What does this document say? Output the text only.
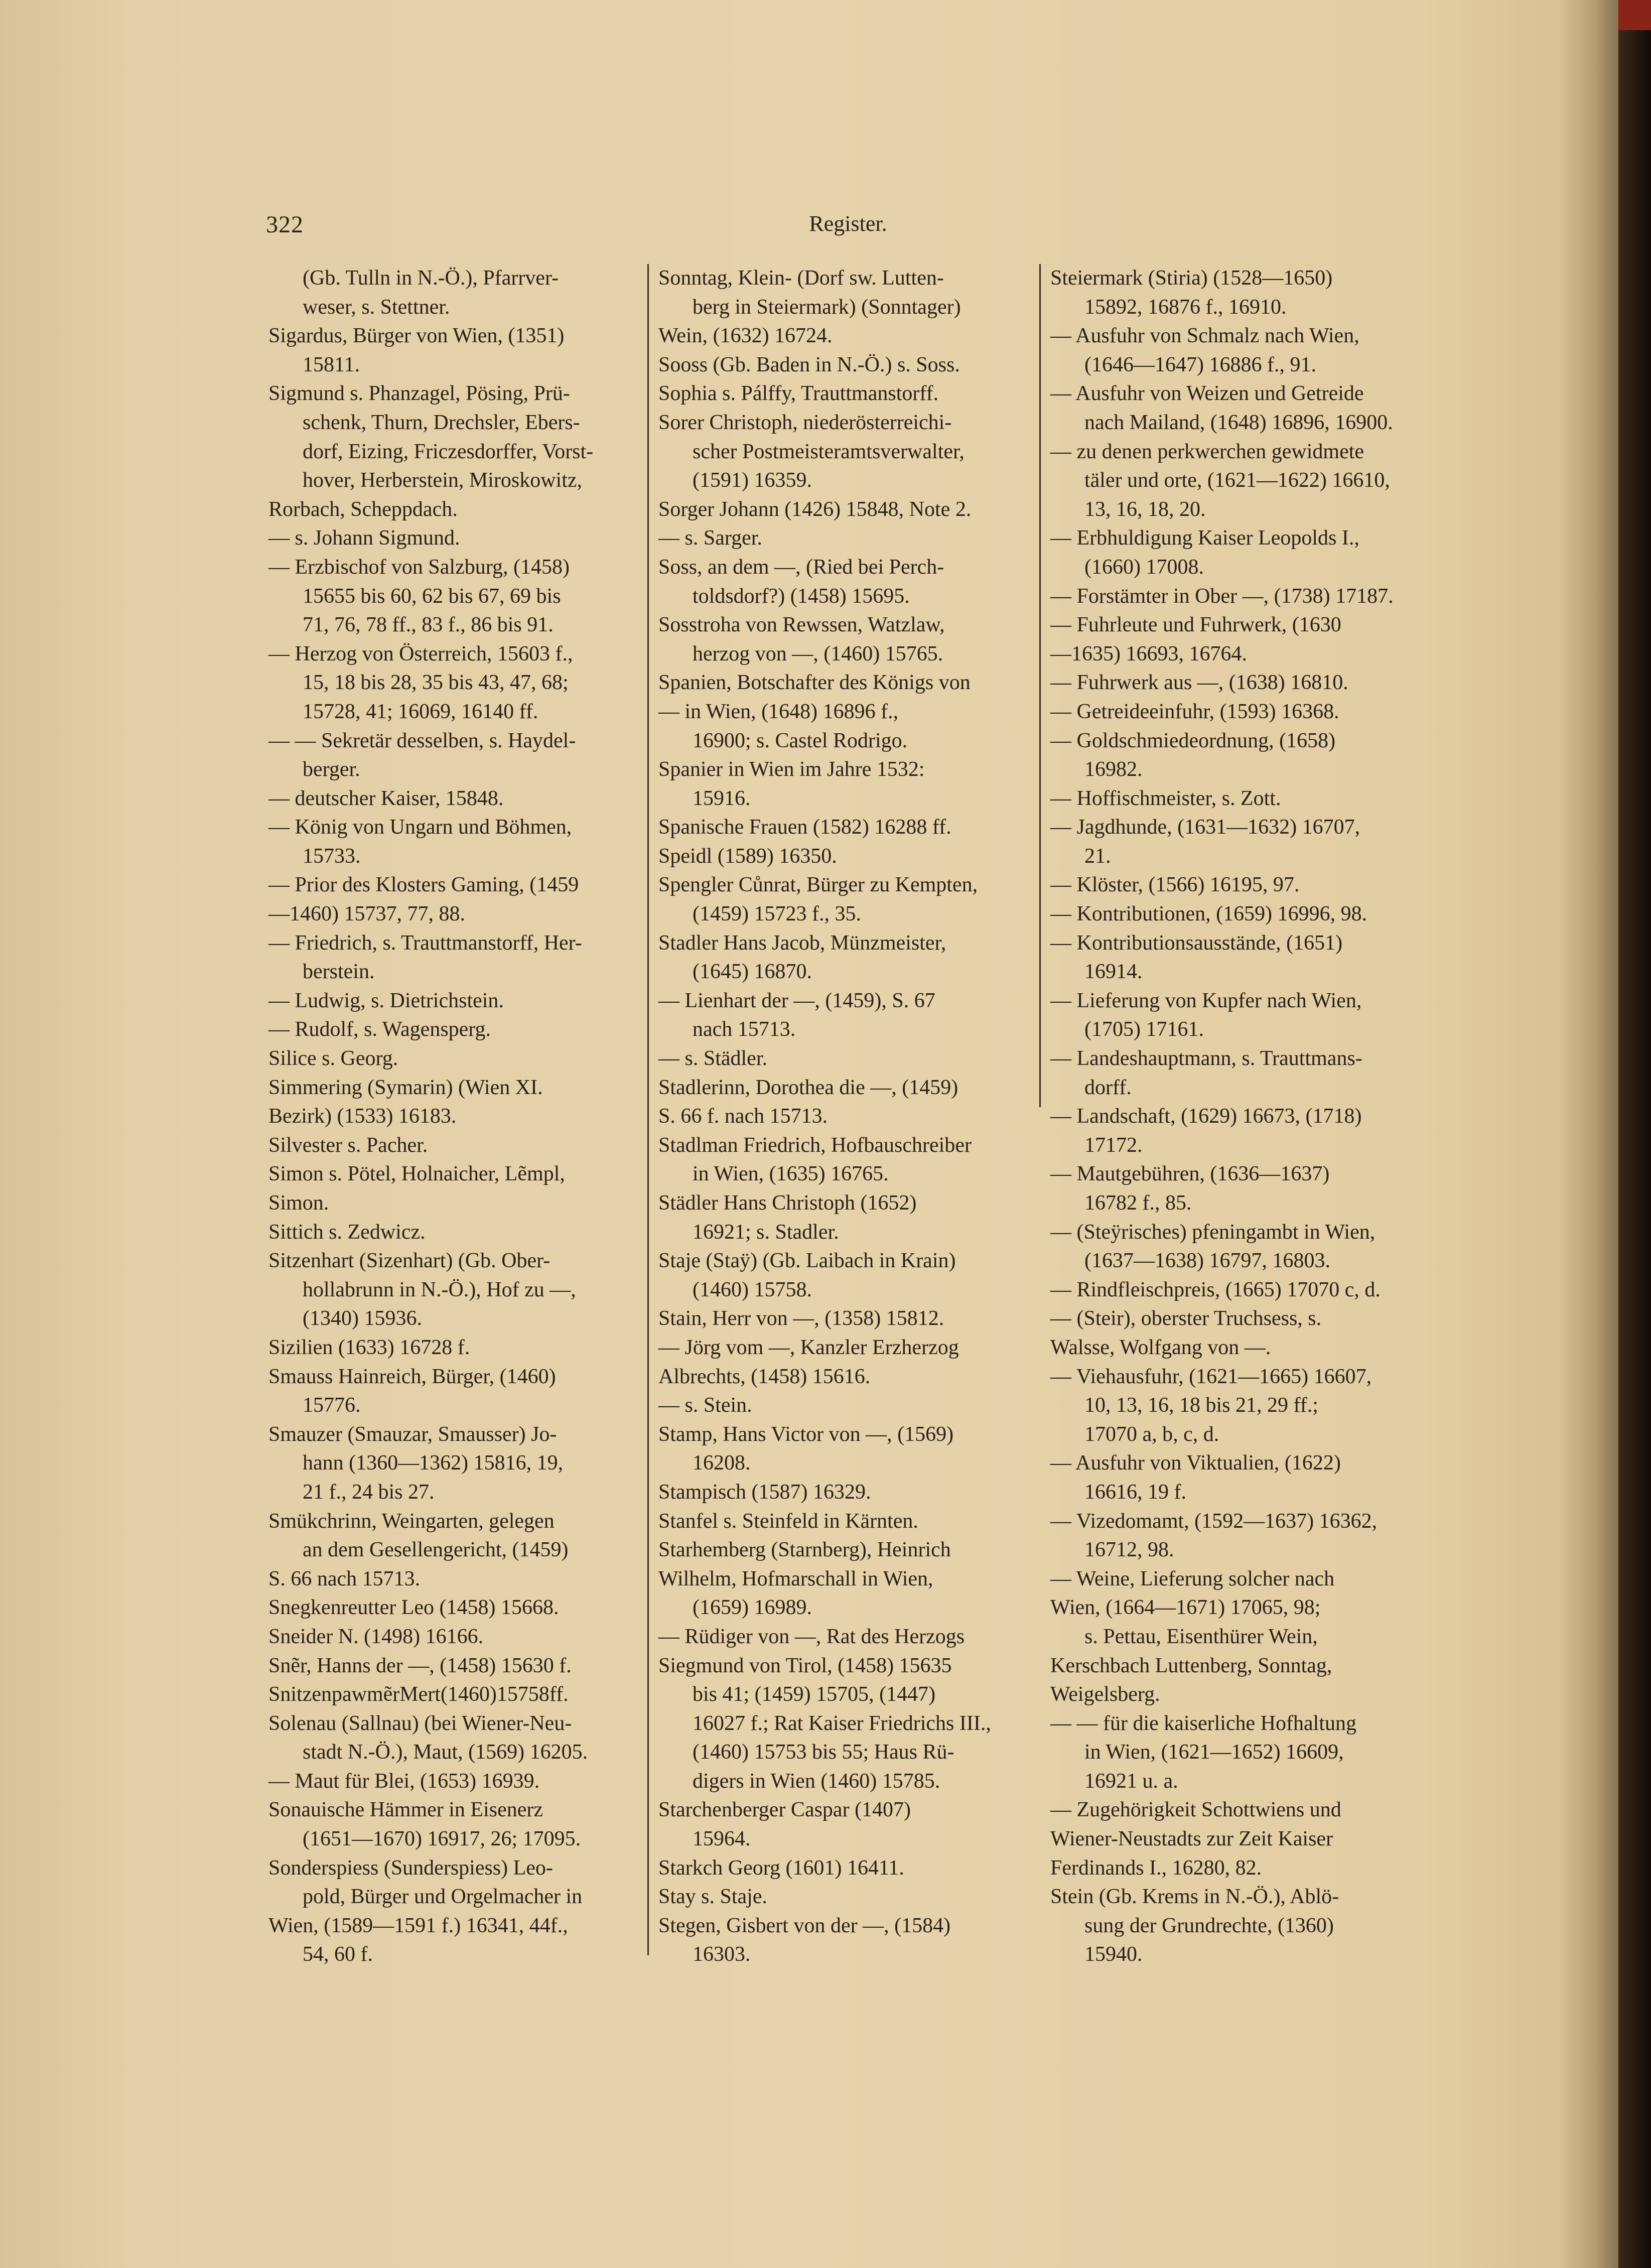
322	Register.
(Gb. Tulln in N.-Ö.), Pfarrver-
weser, s. Stettner.
Sigardus, Bürger von Wien, (1351)
15811.
Sigmund s. Phanzagel, Pösing, Prü-
schenk, Thurn, Drechsler, Ebers-
dorf, Eizing, Friczesdorffer, Vorst-
hover, Herberstein, Miroskowitz,
Rorbach, Scheppdach.
— s. Johann Sigmund.
— Erzbischof von Salzburg, (1458)
15655 bis 60, 62 bis 67, 69 bis
71, 76, 78 ff., 83 f., 86 bis 91.
— Herzog von Österreich, 15603 f.,
15, 18 bis 28, 35 bis 43, 47, 68;
15728, 41; 16069, 16140 ff.
— — Sekretär desselben, s. Haydel-
berger.
— deutscher Kaiser, 15848.
— König von Ungarn und Böhmen,
15733.
— Prior des Klosters Gaming, (1459
—1460) 15737, 77, 88.
— Friedrich, s. Trauttmanstorff, Her-
berstein.
— Ludwig, s. Dietrichstein.
— Rudolf, s. Wagensperg.
Silice s. Georg.
Simmering (Symarin) (Wien XI.
Bezirk) (1533) 16183.
Silvester s. Pacher.
Simon s. Pötel, Holnaicher, Lẽmpl,
Simon.
Sittich s. Zedwicz.
Sitzenhart (Sizenhart) (Gb. Ober-
hollabrunn in N.-Ö.), Hof zu —,
(1340) 15936.
Sizilien (1633) 16728 f.
Smauss Hainreich, Bürger, (1460)
15776.
Smauzer (Smauzar, Smausser) Jo-
hann (1360—1362) 15816, 19,
21 f., 24 bis 27.
Smükchrinn, Weingarten, gelegen
an dem Gesellengericht, (1459)
S. 66 nach 15713.
Snegkenreutter Leo (1458) 15668.
Sneider N. (1498) 16166.
Snẽr, Hanns der —, (1458) 15630 f.
SnitzenpawmẽrMert(1460)15758ff.
Solenau (Sallnau) (bei Wiener-Neu-
stadt N.-Ö.), Maut, (1569) 16205.
— Maut für Blei, (1653) 16939.
Sonauische Hämmer in Eisenerz
(1651—1670) 16917, 26; 17095.
Sonderspiess (Sunderspiess) Leo-
pold, Bürger und Orgelmacher in
Wien, (1589—1591 f.) 16341, 44f.,
54, 60 f.
Sonntag, Klein- (Dorf sw. Lutten-
berg in Steiermark) (Sonntager)
Wein, (1632) 16724.
Sooss (Gb. Baden in N.-Ö.) s. Soss.
Sophia s. Pálffy, Trauttmanstorff.
Sorer Christoph, niederösterreichi-
scher Postmeisteramtsverwalter,
(1591) 16359.
Sorger Johann (1426) 15848, Note 2.
— s. Sarger.
Soss, an dem —, (Ried bei Perch-
toldsdorf?) (1458) 15695.
Sosstroha von Rewssen, Watzlaw,
herzog von —, (1460) 15765.
Spanien, Botschafter des Königs von
— in Wien, (1648) 16896 f.,
16900; s. Castel Rodrigo.
Spanier in Wien im Jahre 1532:
15916.
Spanische Frauen (1582) 16288 ff.
Speidl (1589) 16350.
Spengler Cůnrat, Bürger zu Kempten,
(1459) 15723 f., 35.
Stadler Hans Jacob, Münzmeister,
(1645) 16870.
— Lienhart der —, (1459), S. 67
nach 15713.
— s. Städler.
Stadlerinn, Dorothea die —, (1459)
S. 66 f. nach 15713.
Stadlman Friedrich, Hofbauschreiber
in Wien, (1635) 16765.
Städler Hans Christoph (1652)
16921; s. Stadler.
Staje (Staÿ) (Gb. Laibach in Krain)
(1460) 15758.
Stain, Herr von —, (1358) 15812.
— Jörg vom —, Kanzler Erzherzog
Albrechts, (1458) 15616.
— s. Stein.
Stamp, Hans Victor von —, (1569)
16208.
Stampisch (1587) 16329.
Stanfel s. Steinfeld in Kärnten.
Starhemberg (Starnberg), Heinrich
Wilhelm, Hofmarschall in Wien,
(1659) 16989.
— Rüdiger von —, Rat des Herzogs
Siegmund von Tirol, (1458) 15635
bis 41; (1459) 15705, (1447)
16027 f.; Rat Kaiser Friedrichs III.,
(1460) 15753 bis 55; Haus Rü-
digers in Wien (1460) 15785.
Starchenberger Caspar (1407)
15964.
Starkch Georg (1601) 16411.
Stay s. Staje.
Stegen, Gisbert von der —, (1584)
16303.
Steiermark (Stiria) (1528—1650)
15892, 16876 f., 16910.
— Ausfuhr von Schmalz nach Wien,
(1646—1647) 16886 f., 91.
— Ausfuhr von Weizen und Getreide
nach Mailand, (1648) 16896, 16900.
— zu denen perkwerchen gewidmete
täler und orte, (1621—1622) 16610,
13, 16, 18, 20.
— Erbhuldigung Kaiser Leopolds I.,
(1660) 17008.
— Forstämter in Ober —, (1738) 17187.
— Fuhrleute und Fuhrwerk, (1630
—1635) 16693, 16764.
— Fuhrwerk aus —, (1638) 16810.
— Getreideeinfuhr, (1593) 16368.
— Goldschmiedeordnung, (1658)
16982.
— Hoffischmeister, s. Zott.
— Jagdhunde, (1631—1632) 16707,
21.
— Klöster, (1566) 16195, 97.
— Kontributionen, (1659) 16996, 98.
— Kontributionsausstände, (1651)
16914.
— Lieferung von Kupfer nach Wien,
(1705) 17161.
— Landeshauptmann, s. Trauttmans-
dorff.
— Landschaft, (1629) 16673, (1718)
17172.
— Mautgebühren, (1636—1637)
16782 f., 85.
— (Steÿrisches) pfeningambt in Wien,
(1637—1638) 16797, 16803.
— Rindfleischpreis, (1665) 17070 c, d.
— (Steir), oberster Truchsess, s.
Walsse, Wolfgang von —.
— Viehausfuhr, (1621—1665) 16607,
10, 13, 16, 18 bis 21, 29 ff.;
17070 a, b, c, d.
— Ausfuhr von Viktualien, (1622)
16616, 19 f.
— Vizedomamt, (1592—1637) 16362,
16712, 98.
— Weine, Lieferung solcher nach
Wien, (1664—1671) 17065, 98;
s. Pettau, Eisenthürer Wein,
Kerschbach Luttenberg, Sonntag,
Weigelsberg.
— — für die kaiserliche Hofhaltung
in Wien, (1621—1652) 16609,
16921 u. a.
— Zugehörigkeit Schottwiens und
Wiener-Neustadts zur Zeit Kaiser
Ferdinands I., 16280, 82.
Stein (Gb. Krems in N.-Ö.), Ablö-
sung der Grundrechte, (1360)
15940.
